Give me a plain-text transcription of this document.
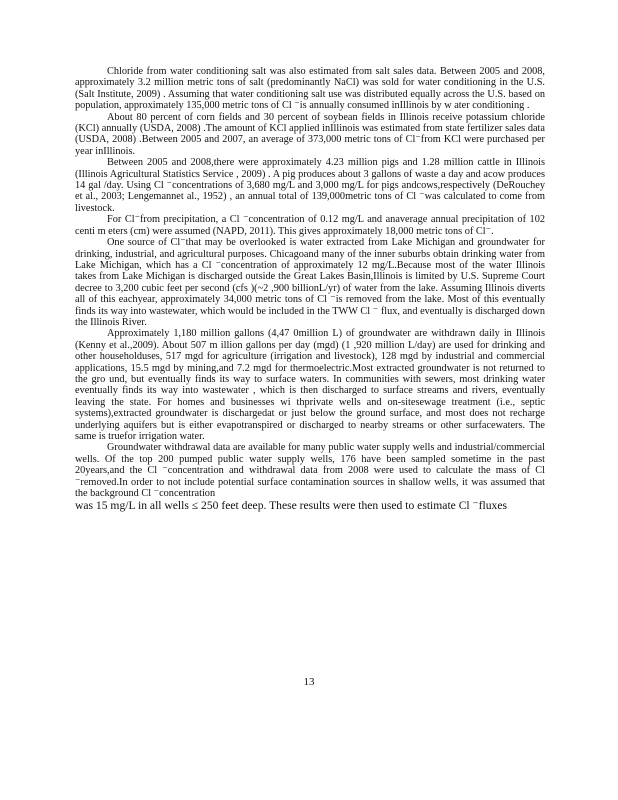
Chloride from water conditioning salt was also estimated from salt sales data. Between 2005 and 2008, approximately 3.2 million metric tons of salt (predominantly NaCl) was sold for water conditioning in the U.S. (Salt Institute, 2009) . Assuming that water conditioning salt use was distributed equally across the U.S. based on population, approximately 135,000 metric tons of Cl ⁻is annually consumed inIllinois by w ater conditioning .

About 80 percent of corn fields and 30 percent of soybean fields in Illinois receive potassium chloride (KCl) annually (USDA, 2008) .The amount of KCl applied inIllinois was estimated from state fertilizer sales data (USDA, 2008) .Between 2005 and 2007, an average of 373,000 metric tons of Cl⁻from KCl were purchased per year inIllinois.

Between 2005 and 2008,there were approximately 4.23 million pigs and 1.28 million cattle in Illinois (Illinois Agricultural Statistics Service , 2009) . A pig produces about 3 gallons of waste a day and acow produces 14 gal /day. Using Cl ⁻concentrations of 3,680 mg/L and 3,000 mg/L for pigs andcows,respectively (DeRouchey et al., 2003; Lengemannet al., 1952) , an annual total of 139,000metric tons of Cl ⁻was calculated to come from livestock.

For Cl⁻from precipitation, a Cl ⁻concentration of 0.12 mg/L and anaverage annual precipitation of 102 centi m eters (cm) were assumed (NAPD, 2011). This gives approximately 18,000 metric tons of Cl⁻.

One source of Cl⁻that may be overlooked is water extracted from Lake Michigan and groundwater for drinking, industrial, and agricultural purposes. Chicagoand many of the inner suburbs obtain drinking water from Lake Michigan, which has a Cl ⁻concentration of approximately 12 mg/L.Because most of the water Illinois takes from Lake Michigan is discharged outside the Great Lakes Basin,Illinois is limited by U.S. Supreme Court decree to 3,200 cubic feet per second (cfs )(~2 ,900 billionL/yr) of water from the lake. Assuming Illinois diverts all of this eachyear, approximately 34,000 metric tons of Cl ⁻is removed from the lake. Most of this eventually finds its way into wastewater, which would be included in the TWW Cl ⁻ flux, and eventually is discharged down the Illinois River.

Approximately 1,180 million gallons (4,47 0million L) of groundwater are withdrawn daily in Illinois (Kenny et al.,2009). About 507 m illion gallons per day (mgd) (1 ,920 million L/day) are used for drinking and other householduses, 517 mgd for agriculture (irrigation and livestock), 128 mgd by industrial and commercial applications, 15.5 mgd by mining,and 7.2 mgd for thermoelectric.Most extracted groundwater is not returned to the gro und, but eventually finds its way to surface waters. In communities with sewers, most drinking water eventually finds its way into wastewater , which is then discharged to surface streams and rivers, eventually leaving the state. For homes and businesses wi thprivate wells and on-sitesewage treatment (i.e., septic systems),extracted groundwater is dischargedat or just below the ground surface, and most does not recharge underlying aquifers but is either evapotranspired or discharged to nearby streams or other surfacewaters. The same is truefor irrigation water.

Groundwater withdrawal data are available for many public water supply wells and industrial/commercial wells. Of the top 200 pumped public water supply wells, 176 have been sampled sometime in the past 20years,and the Cl ⁻concentration and withdrawal data from 2008 were used to calculate the mass of Cl ⁻removed.In order to not include potential surface contamination sources in shallow wells, it was assumed that the background Cl ⁻concentration

was 15 mg/L in all wells ≤ 250 feet deep. These results were then used to estimate Cl ⁻fluxes

13
